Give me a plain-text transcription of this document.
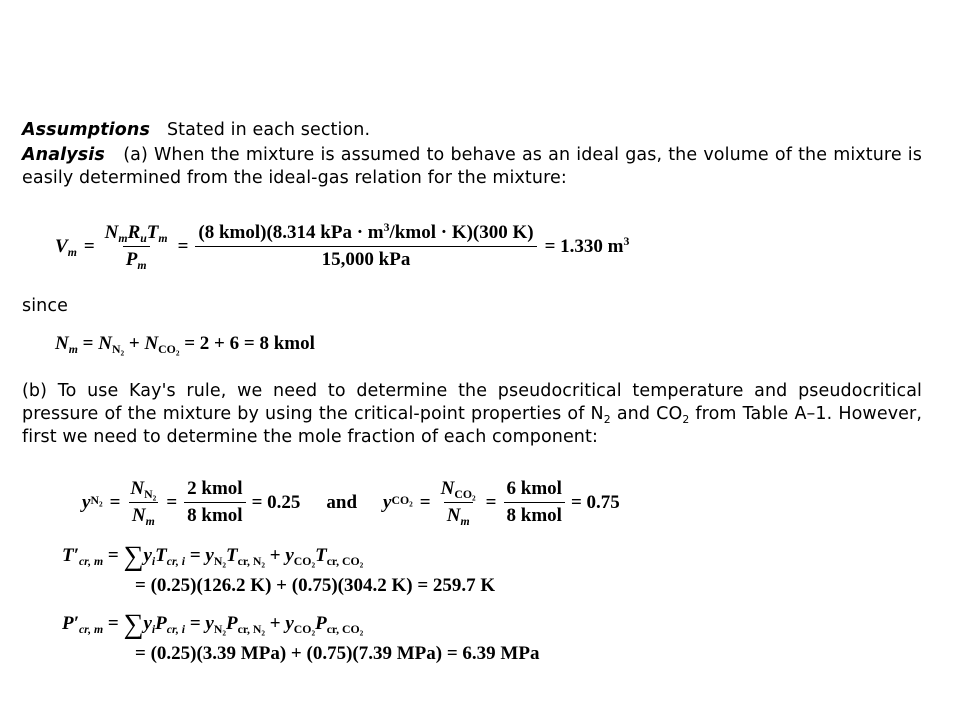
Assumptions Stated in each section.
Analysis (a) When the mixture is assumed to behave as an ideal gas, the volume of the mixture is easily determined from the ideal-gas relation for the mixture:
$V_m = \frac{N_mR_uT_m}{P_m} = \frac{(8 kmol)(8.314 kPa \cdot m^3/kmol \cdot K)(300 K)}{\text{15,000 kPa}} = 1.330$ $m^3$
since
$N_m = N_{N_2} + N_{CO_2} = 2 + 6 = 8$ kmol
(b) To use Kay's rule, we need to determine the pseudocritical temperature and pseudocritical pressure of the mixture by using the critical-point properties of $N_2$ and $CO_2$ from Table A–1. However, first we need to determine the mole fraction of each component:
y $N_2 = \frac{N_{N_2}}{N_m} = \frac{\text{2 kmol}}{\text{8 kmol}} = 0.25$	and	y $CO_2 = \frac{N_{CO_2}}{N_m} = \frac{\text{6 kmol}}{\text{8 kmol}} = 0.75$
$T'_{cr, m} = \sum y_iT_{cr, i} = y_{N_2}T_{cr, N_2} + y_{CO_2}T_{cr, CO_2}$
= (0.25)(126.2 K) + (0.75)(304.2 K) = 259.7 K
$P'_{cr, m} = \sum y_iP_{cr, i} = y_{N_2}P_{cr, N_2} + y_{CO_2}P_{cr, CO_2}$
= (0.25)(3.39 MPa) + (0.75)(7.39 MPa) = 6.39 MPa
